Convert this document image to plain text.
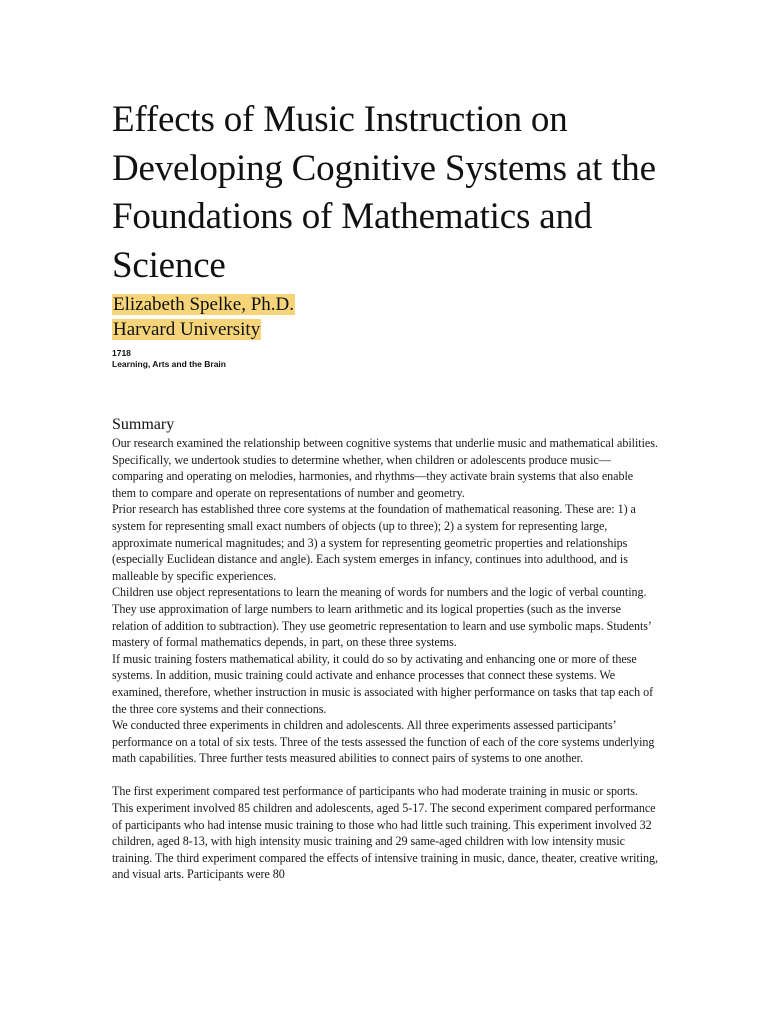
Effects of Music Instruction on Developing Cognitive Systems at the Foundations of Mathematics and Science

Elizabeth Spelke, Ph.D.

Harvard University

1718

Learning, Arts and the Brain

Summary

Our research examined the relationship between cognitive systems that underlie music and mathematical abilities. Specifically, we undertook studies to determine whether, when children or adolescents produce music—comparing and operating on melodies, harmonies, and rhythms—they activate brain systems that also enable them to compare and operate on representations of number and geometry.

Prior research has established three core systems at the foundation of mathematical reasoning. These are: 1) a system for representing small exact numbers of objects (up to three); 2) a system for representing large, approximate numerical magnitudes; and 3) a system for representing geometric properties and relationships (especially Euclidean distance and angle). Each system emerges in infancy, continues into adulthood, and is malleable by specific experiences.

Children use object representations to learn the meaning of words for numbers and the logic of verbal counting. They use approximation of large numbers to learn arithmetic and its logical properties (such as the inverse relation of addition to subtraction). They use geometric representation to learn and use symbolic maps. Students’ mastery of formal mathematics depends, in part, on these three systems.

If music training fosters mathematical ability, it could do so by activating and enhancing one or more of these systems. In addition, music training could activate and enhance processes that connect these systems. We examined, therefore, whether instruction in music is associated with higher performance on tasks that tap each of the three core systems and their connections.

We conducted three experiments in children and adolescents. All three experiments assessed participants’ performance on a total of six tests. Three of the tests assessed the function of each of the core systems underlying math capabilities. Three further tests measured abilities to connect pairs of systems to one another.

The first experiment compared test performance of participants who had moderate training in music or sports. This experiment involved 85 children and adolescents, aged 5-17. The second experiment compared performance of participants who had intense music training to those who had little such training. This experiment involved 32 children, aged 8-13, with high intensity music training and 29 same-aged children with low intensity music training. The third experiment compared the effects of intensive training in music, dance, theater, creative writing, and visual arts. Participants were 80
